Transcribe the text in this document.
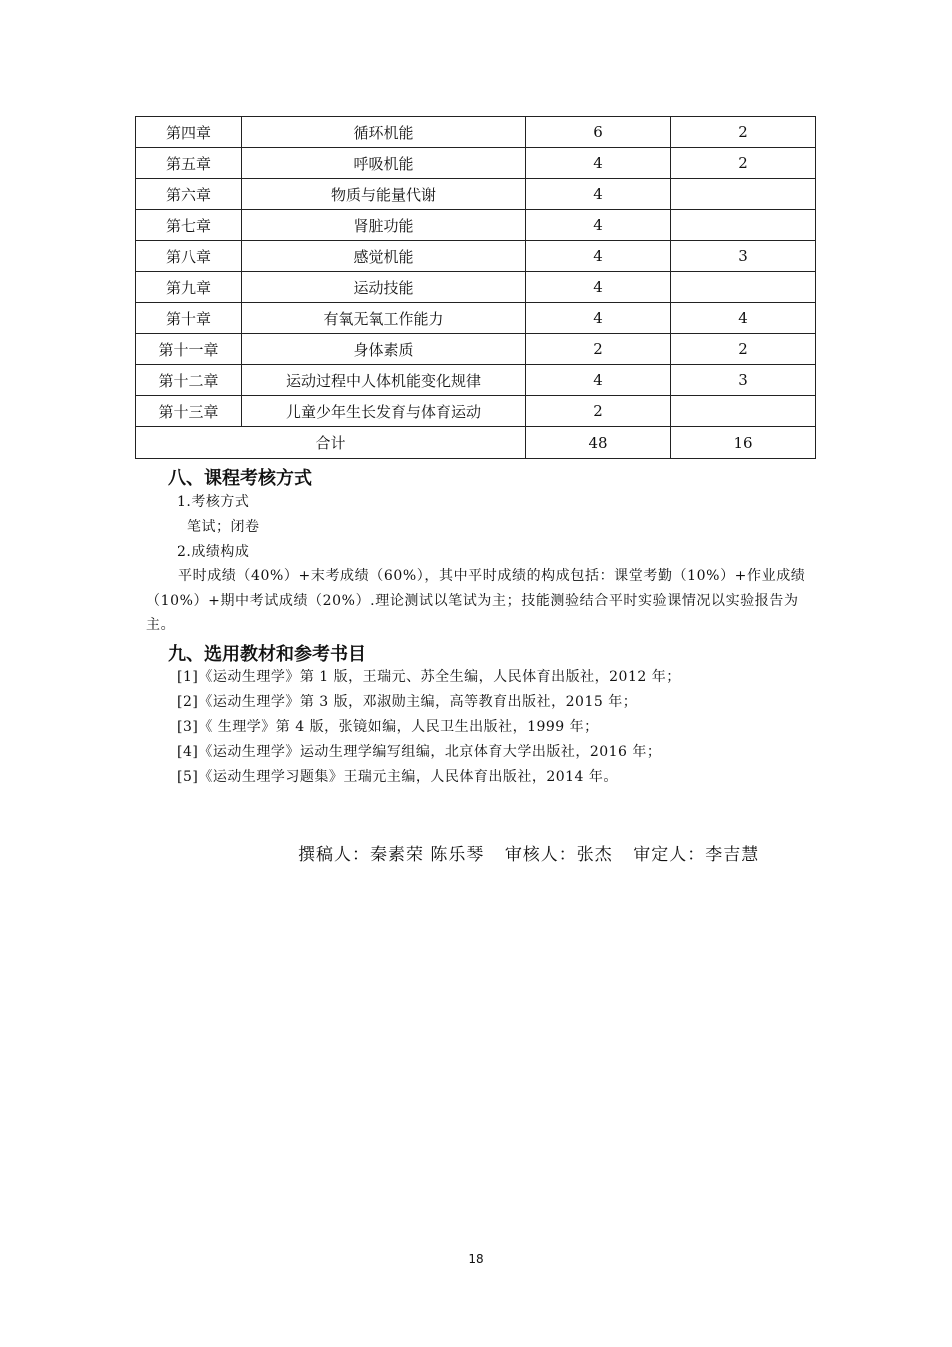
第四章	循环机能	6	2
第五章	呼吸机能	4	2
第六章	物质与能量代谢	4	
第七章	肾脏功能	4	
第八章	感觉机能	4	3
第九章	运动技能	4	
第十章	有氧无氧工作能力	4	4
第十一章	身体素质	2	2
第十二章	运动过程中人体机能变化规律	4	3
第十三章	儿童少年生长发育与体育运动	2	
合计		48	16
八、课程考核方式

1.考核方式

笔试；闭卷

2.成绩构成

平时成绩（40%）+末考成绩（60%），其中平时成绩的构成包括：课堂考勤（10%）+作业成绩（10%）+期中考试成绩（20%）.理论测试以笔试为主；技能测验结合平时实验课情况以实验报告为主。

九、选用教材和参考书目

[1]《运动生理学》第 1 版，王瑞元、苏全生编，人民体育出版社，2012 年；

[2]《运动生理学》第 3 版，邓淑勋主编，高等教育出版社，2015 年；

[3]《 生理学》第 4 版，张镜如编，人民卫生出版社，1999 年；

[4]《运动生理学》运动生理学编写组编，北京体育大学出版社，2016 年；

[5]《运动生理学习题集》王瑞元主编，人民体育出版社，2014 年。

撰稿人：秦素荣 陈乐琴 审核人：张杰 审定人：李吉慧
18
